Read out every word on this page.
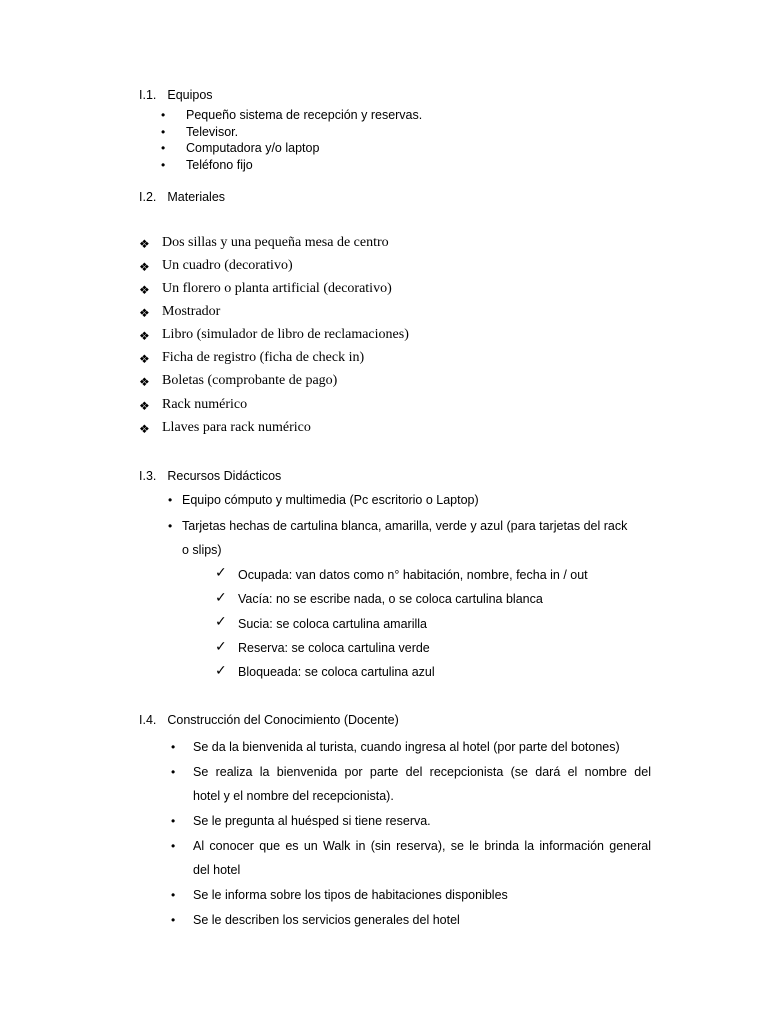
I.1. Equipos
• Pequeño sistema de recepción y reservas.
• Televisor.
• Computadora y/o laptop
• Teléfono fijo
I.2. Materiales
❖ Dos sillas y una pequeña mesa de centro
❖ Un cuadro (decorativo)
❖ Un florero o planta artificial (decorativo)
❖ Mostrador
❖ Libro (simulador de libro de reclamaciones)
❖ Ficha de registro (ficha de check in)
❖ Boletas (comprobante de pago)
❖ Rack numérico
❖ Llaves para rack numérico
I.3. Recursos Didácticos
• Equipo cómputo y multimedia (Pc escritorio o Laptop)
• Tarjetas hechas de cartulina blanca, amarilla, verde y azul (para tarjetas del rack
o slips)
✓ Ocupada: van datos como n° habitación, nombre, fecha in / out
✓ Vacía: no se escribe nada, o se coloca cartulina blanca
✓ Sucia: se coloca cartulina amarilla
✓ Reserva: se coloca cartulina verde
✓ Bloqueada: se coloca cartulina azul
I.4. Construcción del Conocimiento (Docente)
• Se da la bienvenida al turista, cuando ingresa al hotel (por parte del botones)
• Se realiza la bienvenida por parte del recepcionista (se dará el nombre del
hotel y el nombre del recepcionista).
• Se le pregunta al huésped si tiene reserva.
• Al conocer que es un Walk in (sin reserva), se le brinda la información general
del hotel
• Se le informa sobre los tipos de habitaciones disponibles
• Se le describen los servicios generales del hotel
